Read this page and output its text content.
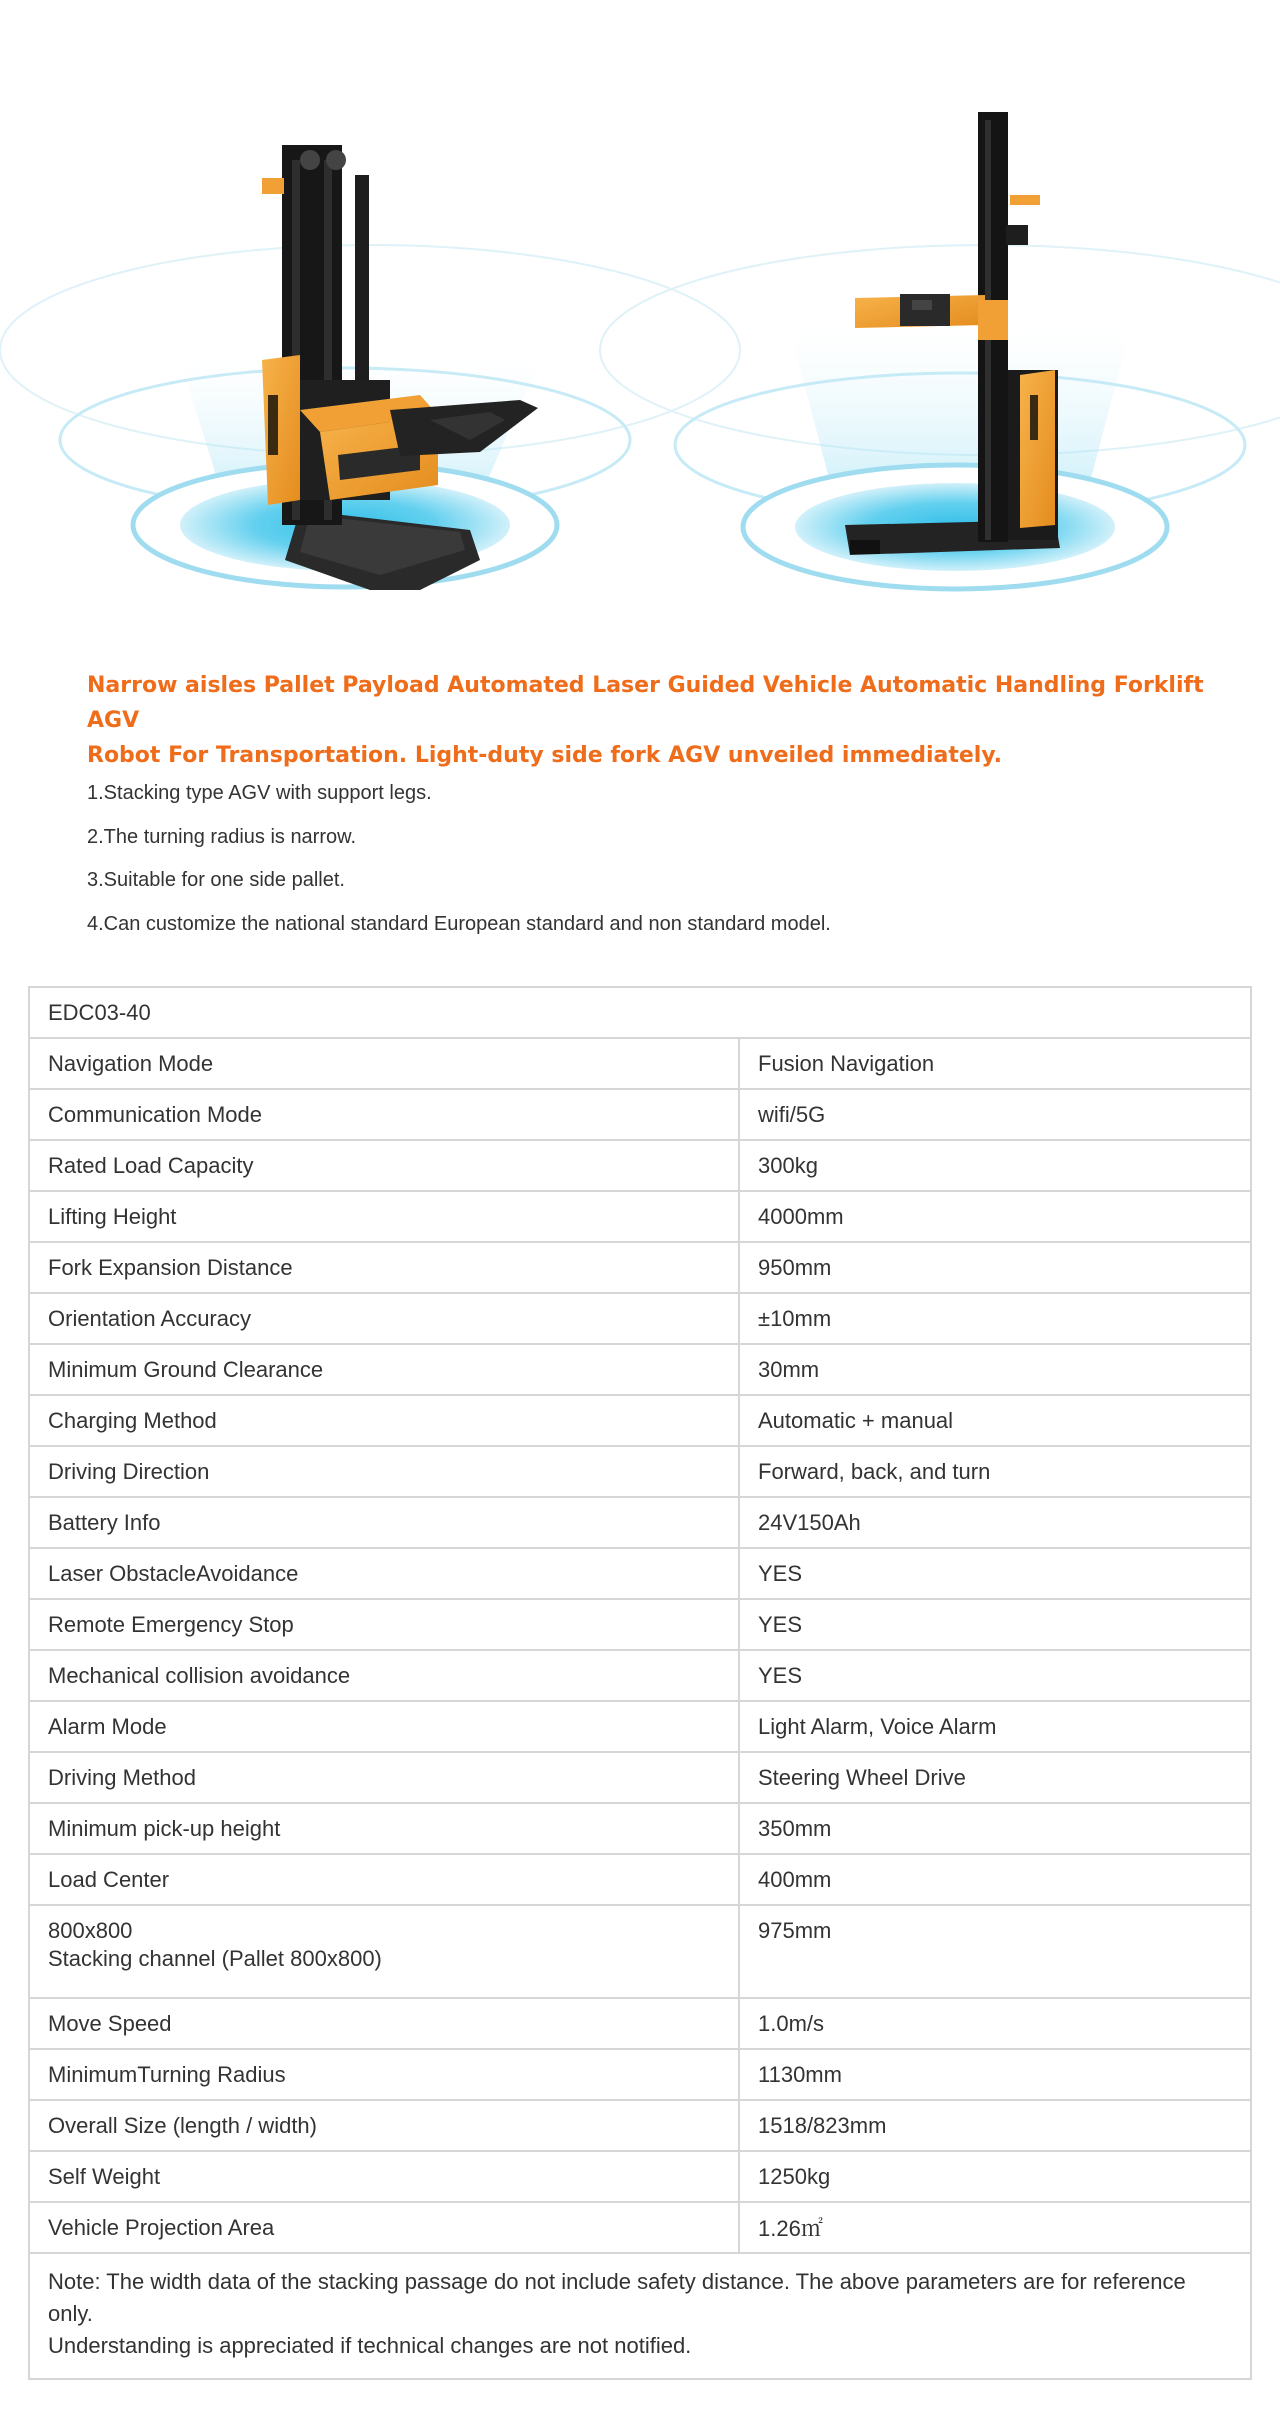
Narrow aisles Pallet Payload Automated Laser Guided Vehicle Automatic Handling Forklift AGV
Robot For Transportation. Light-duty side fork AGV unveiled immediately.
1.Stacking type AGV with support legs.
2.The turning radius is narrow.
3.Suitable for one side pallet.
4.Can customize the national standard European standard and non standard model.
EDC03-40	
Navigation Mode	Fusion Navigation
Communication Mode	wifi/5G
Rated Load Capacity	300kg
Lifting Height	4000mm
Fork Expansion Distance	950mm
Orientation Accuracy	±10mm
Minimum Ground Clearance	30mm
Charging Method	Automatic + manual
Driving Direction	Forward, back, and turn
Battery Info	24V150Ah
Laser ObstacleAvoidance	YES
Remote Emergency Stop	YES
Mechanical collision avoidance	YES
Alarm Mode	Light Alarm, Voice Alarm
Driving Method	Steering Wheel Drive
Minimum pick-up height	350mm
Load Center	400mm
800x800
Stacking channel (Pallet 800x800)	975mm
Move Speed	1.0m/s
MinimumTurning Radius	1130mm
Overall Size (length / width)	1518/823mm
Self Weight	1250kg
Vehicle Projection Area	1.26㎡

Note: The width data of the stacking passage do not include safety distance. The above parameters are for reference only.
Understanding is appreciated if technical changes are not notified.	
